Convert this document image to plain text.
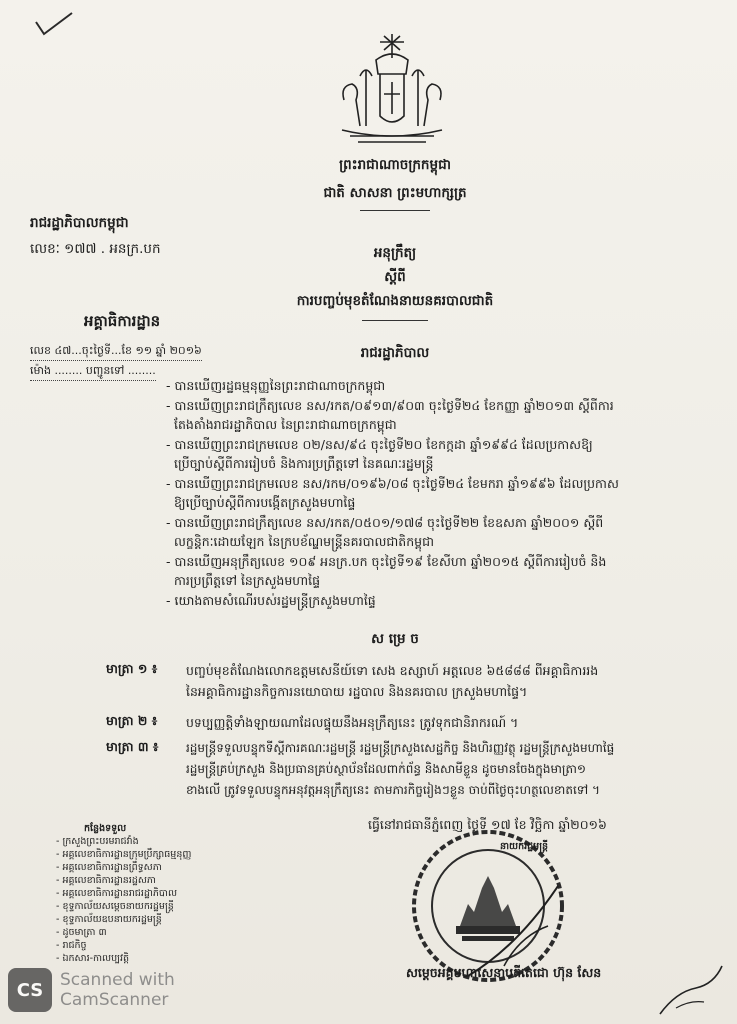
ព្រះរាជាណាចក្រកម្ពុជា
ជាតិ សាសនា ព្រះមហាក្សត្រ
រាជរដ្ឋាភិបាលកម្ពុជា
លេខៈ ១៧៧ . អនក្រ.បក	អនុក្រឹត្យ
ស្តីពី
ការបញ្ចប់មុខតំណែងនាយនគរបាលជាតិ
អគ្គាធិការដ្ឋាន
លេខ ៤៧...ចុះថ្ងៃទី...ខែ ១១ ឆ្នាំ ២០១៦
ម៉ោង ........ បញ្ជូនទៅ ........
រាជរដ្ឋាភិបាល
- បានឃើញរដ្ឋធម្មនុញ្ញនៃព្រះរាជាណាចក្រកម្ពុជា
- បានឃើញព្រះរាជក្រឹត្យលេខ នស/រកត/០៩១៣/៩០៣ ចុះថ្ងៃទី២៤ ខែកញ្ញា ឆ្នាំ២០១៣ ស្តីពីការ
តែងតាំងរាជរដ្ឋាភិបាល នៃព្រះរាជាណាចក្រកម្ពុជា
- បានឃើញព្រះរាជក្រមលេខ ០២/នស/៩៤ ចុះថ្ងៃទី២០ ខែកក្កដា ឆ្នាំ១៩៩៤ ដែលប្រកាសឱ្យ
ប្រើច្បាប់ស្តីពីការរៀបចំ និងការប្រព្រឹត្តទៅ នៃគណៈរដ្ឋមន្ត្រី
- បានឃើញព្រះរាជក្រមលេខ នស/រកម/០១៩៦/០៨ ចុះថ្ងៃទី២៤ ខែមករា ឆ្នាំ១៩៩៦ ដែលប្រកាស
ឱ្យប្រើច្បាប់ស្តីពីការបង្កើតក្រសួងមហាផ្ទៃ
- បានឃើញព្រះរាជក្រឹត្យលេខ នស/រកត/០៥០១/១៧៨ ចុះថ្ងៃទី២២ ខែឧសភា ឆ្នាំ២០០១ ស្តីពី
លក្ខន្តិកៈដោយឡែក នៃក្របខ័ណ្ឌមន្ត្រីនគរបាលជាតិកម្ពុជា
- បានឃើញអនុក្រឹត្យលេខ ១០៩ អនក្រ.បក ចុះថ្ងៃទី១៩ ខែសីហា ឆ្នាំ២០១៥ ស្តីពីការរៀបចំ និង
ការប្រព្រឹត្តទៅ នៃក្រសួងមហាផ្ទៃ
- យោងតាមសំណើរបស់រដ្ឋមន្ត្រីក្រសួងមហាផ្ទៃ
ស ម្រេ ច
មាត្រា ១ ៖ បញ្ចប់មុខតំណែងលោកឧត្តមសេនីយ៍ទោ សេង ឧស្សាហ៍ អត្តលេខ ៦៥៨៨៨ ពីអគ្គាធិការរង
នៃអគ្គាធិការដ្ឋានកិច្ចការនយោបាយ រដ្ឋបាល និងនគរបាល ក្រសួងមហាផ្ទៃ។
មាត្រា ២ ៖ បទប្បញ្ញត្តិទាំងឡាយណាដែលផ្ទុយនឹងអនុក្រឹត្យនេះ ត្រូវទុកជានិរាករណ៍ ។
មាត្រា ៣ ៖ រដ្ឋមន្ត្រីទទួលបន្ទុកទីស្តីការគណៈរដ្ឋមន្ត្រី រដ្ឋមន្ត្រីក្រសួងសេដ្ឋកិច្ច និងហិរញ្ញវត្ថុ រដ្ឋមន្ត្រីក្រសួងមហាផ្ទៃ
រដ្ឋមន្ត្រីគ្រប់ក្រសួង និងប្រធានគ្រប់ស្ថាប័នដែលពាក់ព័ន្ធ និងសាមីខ្លួន ដូចមានចែងក្នុងមាត្រា១
ខាងលើ ត្រូវទទួលបន្ទុកអនុវត្តអនុក្រឹត្យនេះ តាមភារកិច្ចរៀងៗខ្លួន ចាប់ពីថ្ងៃចុះហត្ថលេខាតទៅ ។
ធ្វើនៅរាជធានីភ្នំពេញ ថ្ងៃទី ១៧ ខែ វិច្ឆិកា ឆ្នាំ២០១៦
កន្លែងទទួល
- ក្រសួងព្រះបរមរាជវាំង
- អគ្គលេខាធិការដ្ឋានក្រុមប្រឹក្សាធម្មនុញ្ញ
- អគ្គលេខាធិការដ្ឋានព្រឹទ្ធសភា
- អគ្គលេខាធិការដ្ឋានរដ្ឋសភា
- អគ្គលេខាធិការដ្ឋានរាជរដ្ឋាភិបាល
- ខុទ្ទកាល័យសម្តេចនាយករដ្ឋមន្ត្រី
- ខុទ្ទកាល័យឧបនាយករដ្ឋមន្ត្រី
- ដូចមាត្រា ៣
- រាជកិច្ច
- ឯកសារ-កាលប្បវត្តិ
នាយករដ្ឋមន្ត្រី
សម្តេចអគ្គមហាសេនាបតីតេជោ ហ៊ុន សែន
CS Scanned with
CamScanner
